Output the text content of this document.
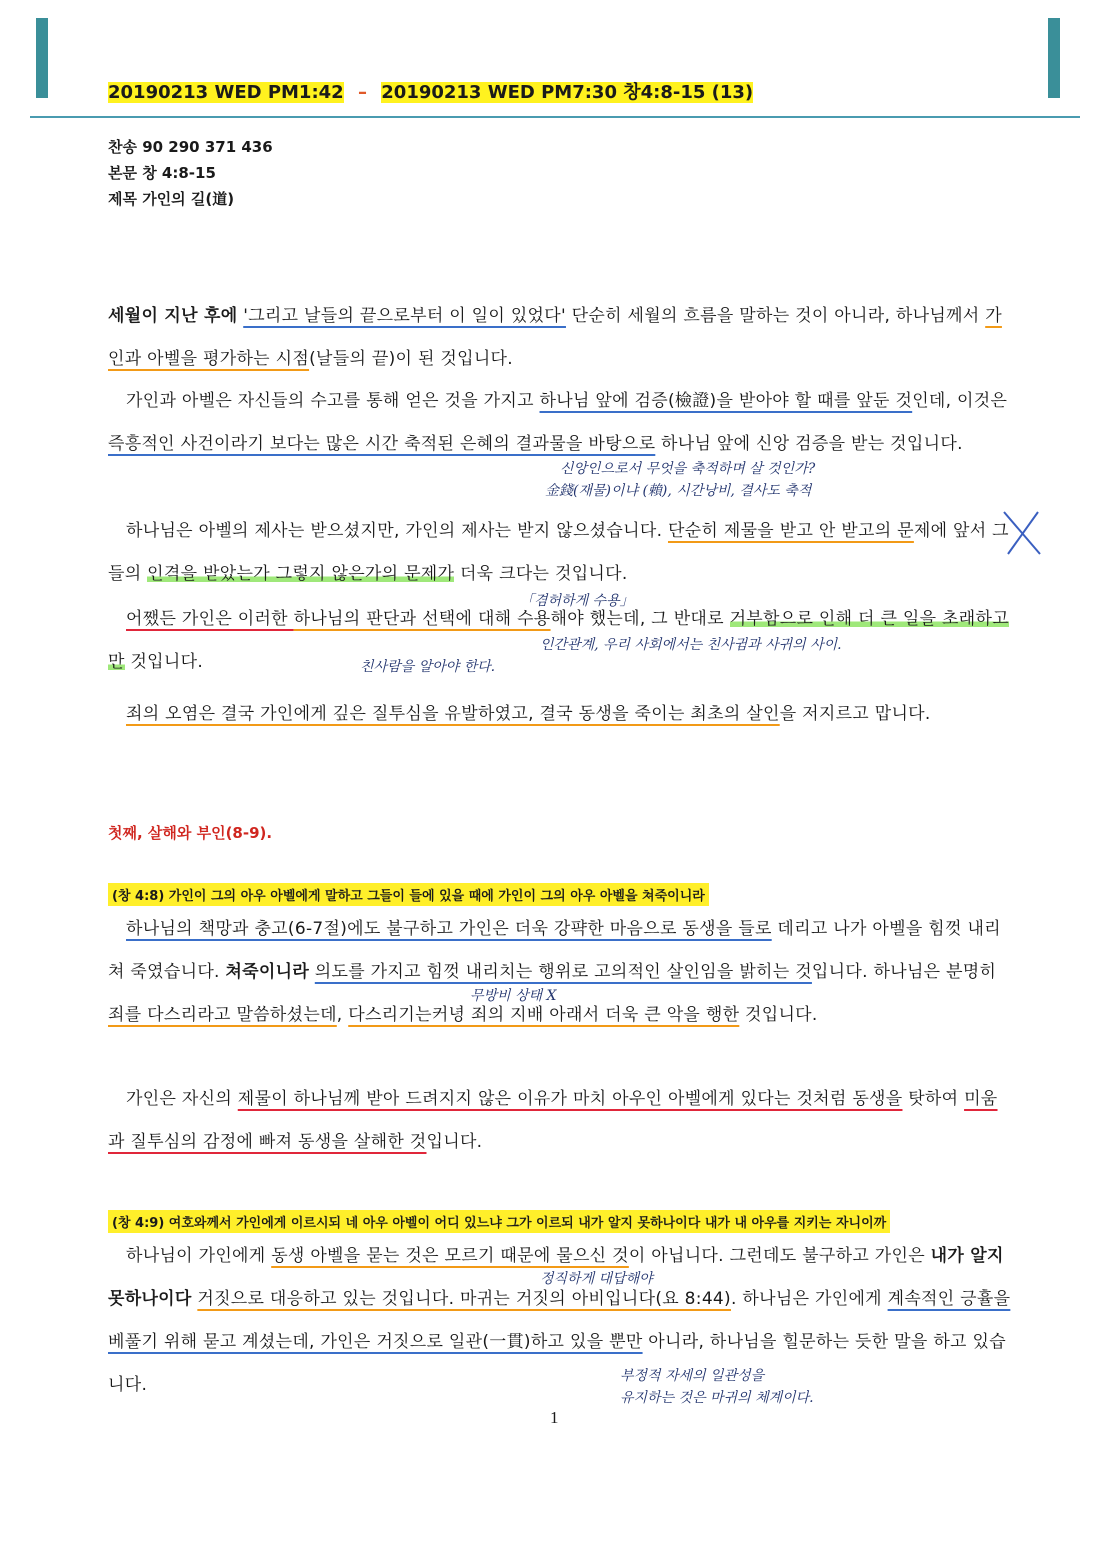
20190213 WED PM1:42 – 20190213 WED PM7:30 창4:8-15 (13)
찬송 90 290 371 436
본문 창 4:8-15
제목 가인의 길(道)
세월이 지난 후에 '그리고 날들의 끝으로부터 이 일이 있었다' 단순히 세월의 흐름을 말하는 것이 아니라, 하나님께서 가인과 아벨을 평가하는 시점(날들의 끝)이 된 것입니다.
가인과 아벨은 자신들의 수고를 통해 얻은 것을 가지고 하나님 앞에 검증(檢證)을 받아야 할 때를 앞둔 것인데, 이것은 즉흥적인 사건이라기 보다는 많은 시간 축적된 은혜의 결과물을 바탕으로 하나님 앞에 신앙 검증을 받는 것입니다.
신앙인으로서 무엇을 축적하며 살 것인가?
金錢(재물)이냐 (賴), 시간낭비, 결사도 축적
하나님은 아벨의 제사는 받으셨지만, 가인의 제사는 받지 않으셨습니다. 단순히 제물을 받고 안 받고의 문제에 앞서 그들의 인격을 받았는가 그렇지 않은가의 문제가 더욱 크다는 것입니다.
「겸허하게 수용」
어쨌든 가인은 이러한 하나님의 판단과 선택에 대해 수용해야 했는데, 그 반대로 거부함으로 인해 더 큰 일을 초래하고 만 것입니다.
인간관계, 우리 사회에서는 친사귐과 사귀의 사이.
친사람을 알아야 한다.
죄의 오염은 결국 가인에게 깊은 질투심을 유발하였고, 결국 동생을 죽이는 최초의 살인을 저지르고 맙니다.
첫째, 살해와 부인(8-9).
(창 4:8) 가인이 그의 아우 아벨에게 말하고 그들이 들에 있을 때에 가인이 그의 아우 아벨을 쳐죽이니라
하나님의 책망과 충고(6-7절)에도 불구하고 가인은 더욱 강퍅한 마음으로 동생을 들로 데리고 나가 아벨을 힘껏 내리쳐 죽였습니다. 쳐죽이니라 의도를 가지고 힘껏 내리치는 행위로 고의적인 살인임을 밝히는 것입니다. 하나님은 분명히 죄를 다스리라고 말씀하셨는데, 다스리기는커녕 죄의 지배 아래서 더욱 큰 악을 행한 것입니다.
무방비 상태 X
가인은 자신의 제물이 하나님께 받아 드려지지 않은 이유가 마치 아우인 아벨에게 있다는 것처럼 동생을 탓하여 미움과 질투심의 감정에 빠져 동생을 살해한 것입니다.
(창 4:9) 여호와께서 가인에게 이르시되 네 아우 아벨이 어디 있느냐 그가 이르되 내가 알지 못하나이다 내가 내 아우를 지키는 자니이까
하나님이 가인에게 동생 아벨을 묻는 것은 모르기 때문에 물으신 것이 아닙니다. 그런데도 불구하고 가인은 내가 알지 못하나이다 거짓으로 대응하고 있는 것입니다. 마귀는 거짓의 아비입니다(요 8:44). 하나님은 가인에게 계속적인 긍휼을 베풀기 위해 묻고 계셨는데, 가인은 거짓으로 일관(一貫)하고 있을 뿐만 아니라, 하나님을 힐문하는 듯한 말을 하고 있습니다.
정직하게 대답해야
부정적 자세의 일관성을
유지하는 것은 마귀의 체계이다.
1
